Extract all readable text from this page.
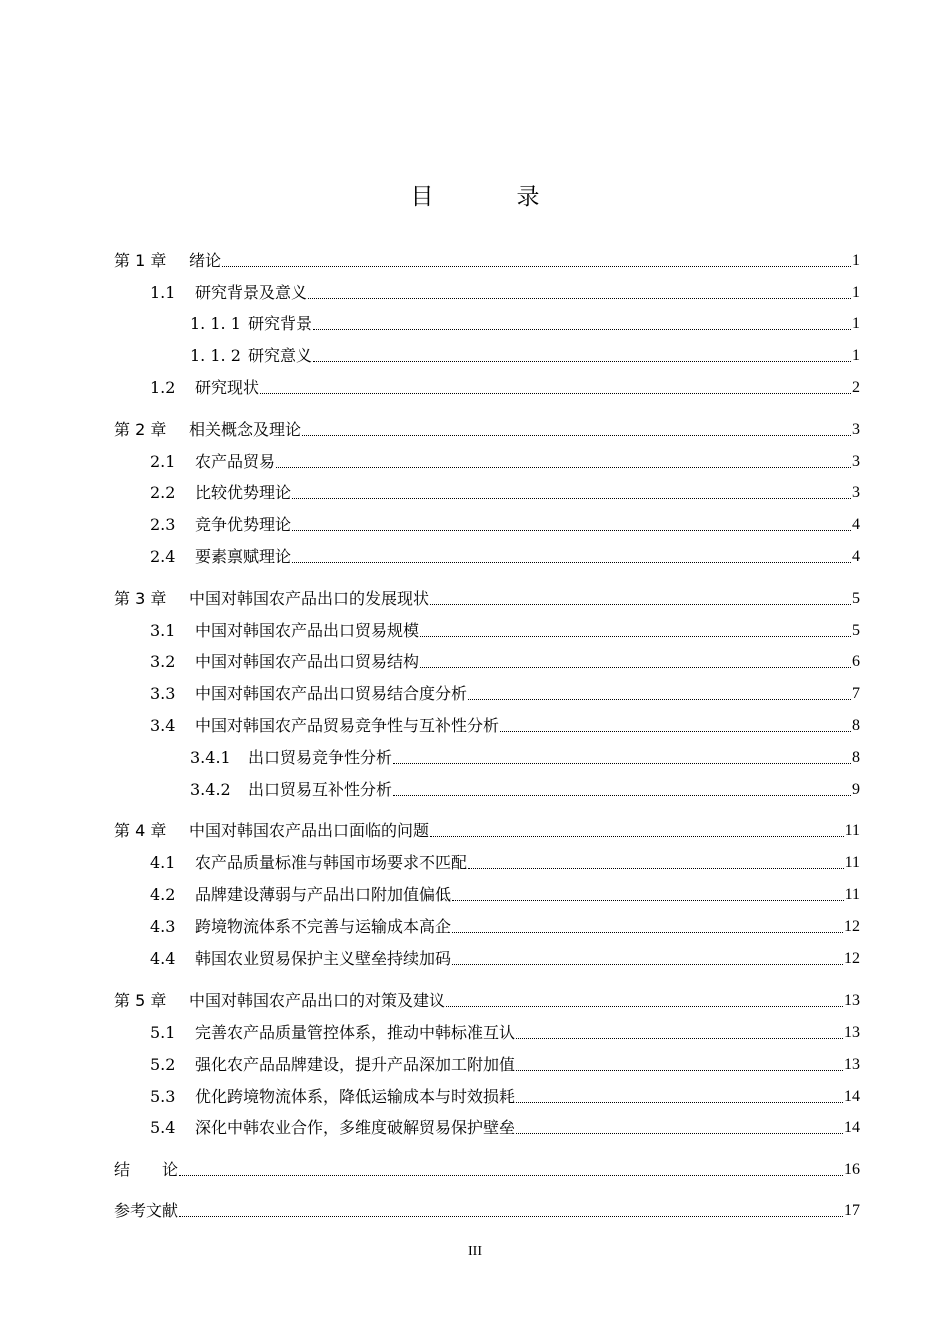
目　录
第 1 章	绪论	1
1.1	研究背景及意义	1
1. 1. 1 研究背景	1
1. 1. 2 研究意义	1
1.2	研究现状	2
第 2 章	相关概念及理论	3
2.1	农产品贸易	3
2.2	比较优势理论	3
2.3	竞争优势理论	4
2.4	要素禀赋理论	4
第 3 章	中国对韩国农产品出口的发展现状	5
3.1	中国对韩国农产品出口贸易规模	5
3.2	中国对韩国农产品出口贸易结构	6
3.3	中国对韩国农产品出口贸易结合度分析	7
3.4	中国对韩国农产品贸易竞争性与互补性分析	8
3.4.1	出口贸易竞争性分析	8
3.4.2	出口贸易互补性分析	9
第 4 章	中国对韩国农产品出口面临的问题	11
4.1	农产品质量标准与韩国市场要求不匹配	11
4.2	品牌建设薄弱与产品出口附加值偏低	11
4.3	跨境物流体系不完善与运输成本高企	12
4.4	韩国农业贸易保护主义壁垒持续加码	12
第 5 章	中国对韩国农产品出口的对策及建议	13
5.1	完善农产品质量管控体系，推动中韩标准互认	13
5.2	强化农产品品牌建设，提升产品深加工附加值	13
5.3	优化跨境物流体系，降低运输成本与时效损耗	14
5.4	深化中韩农业合作，多维度破解贸易保护壁垒	14
结　　论	16
参考文献	17
III
